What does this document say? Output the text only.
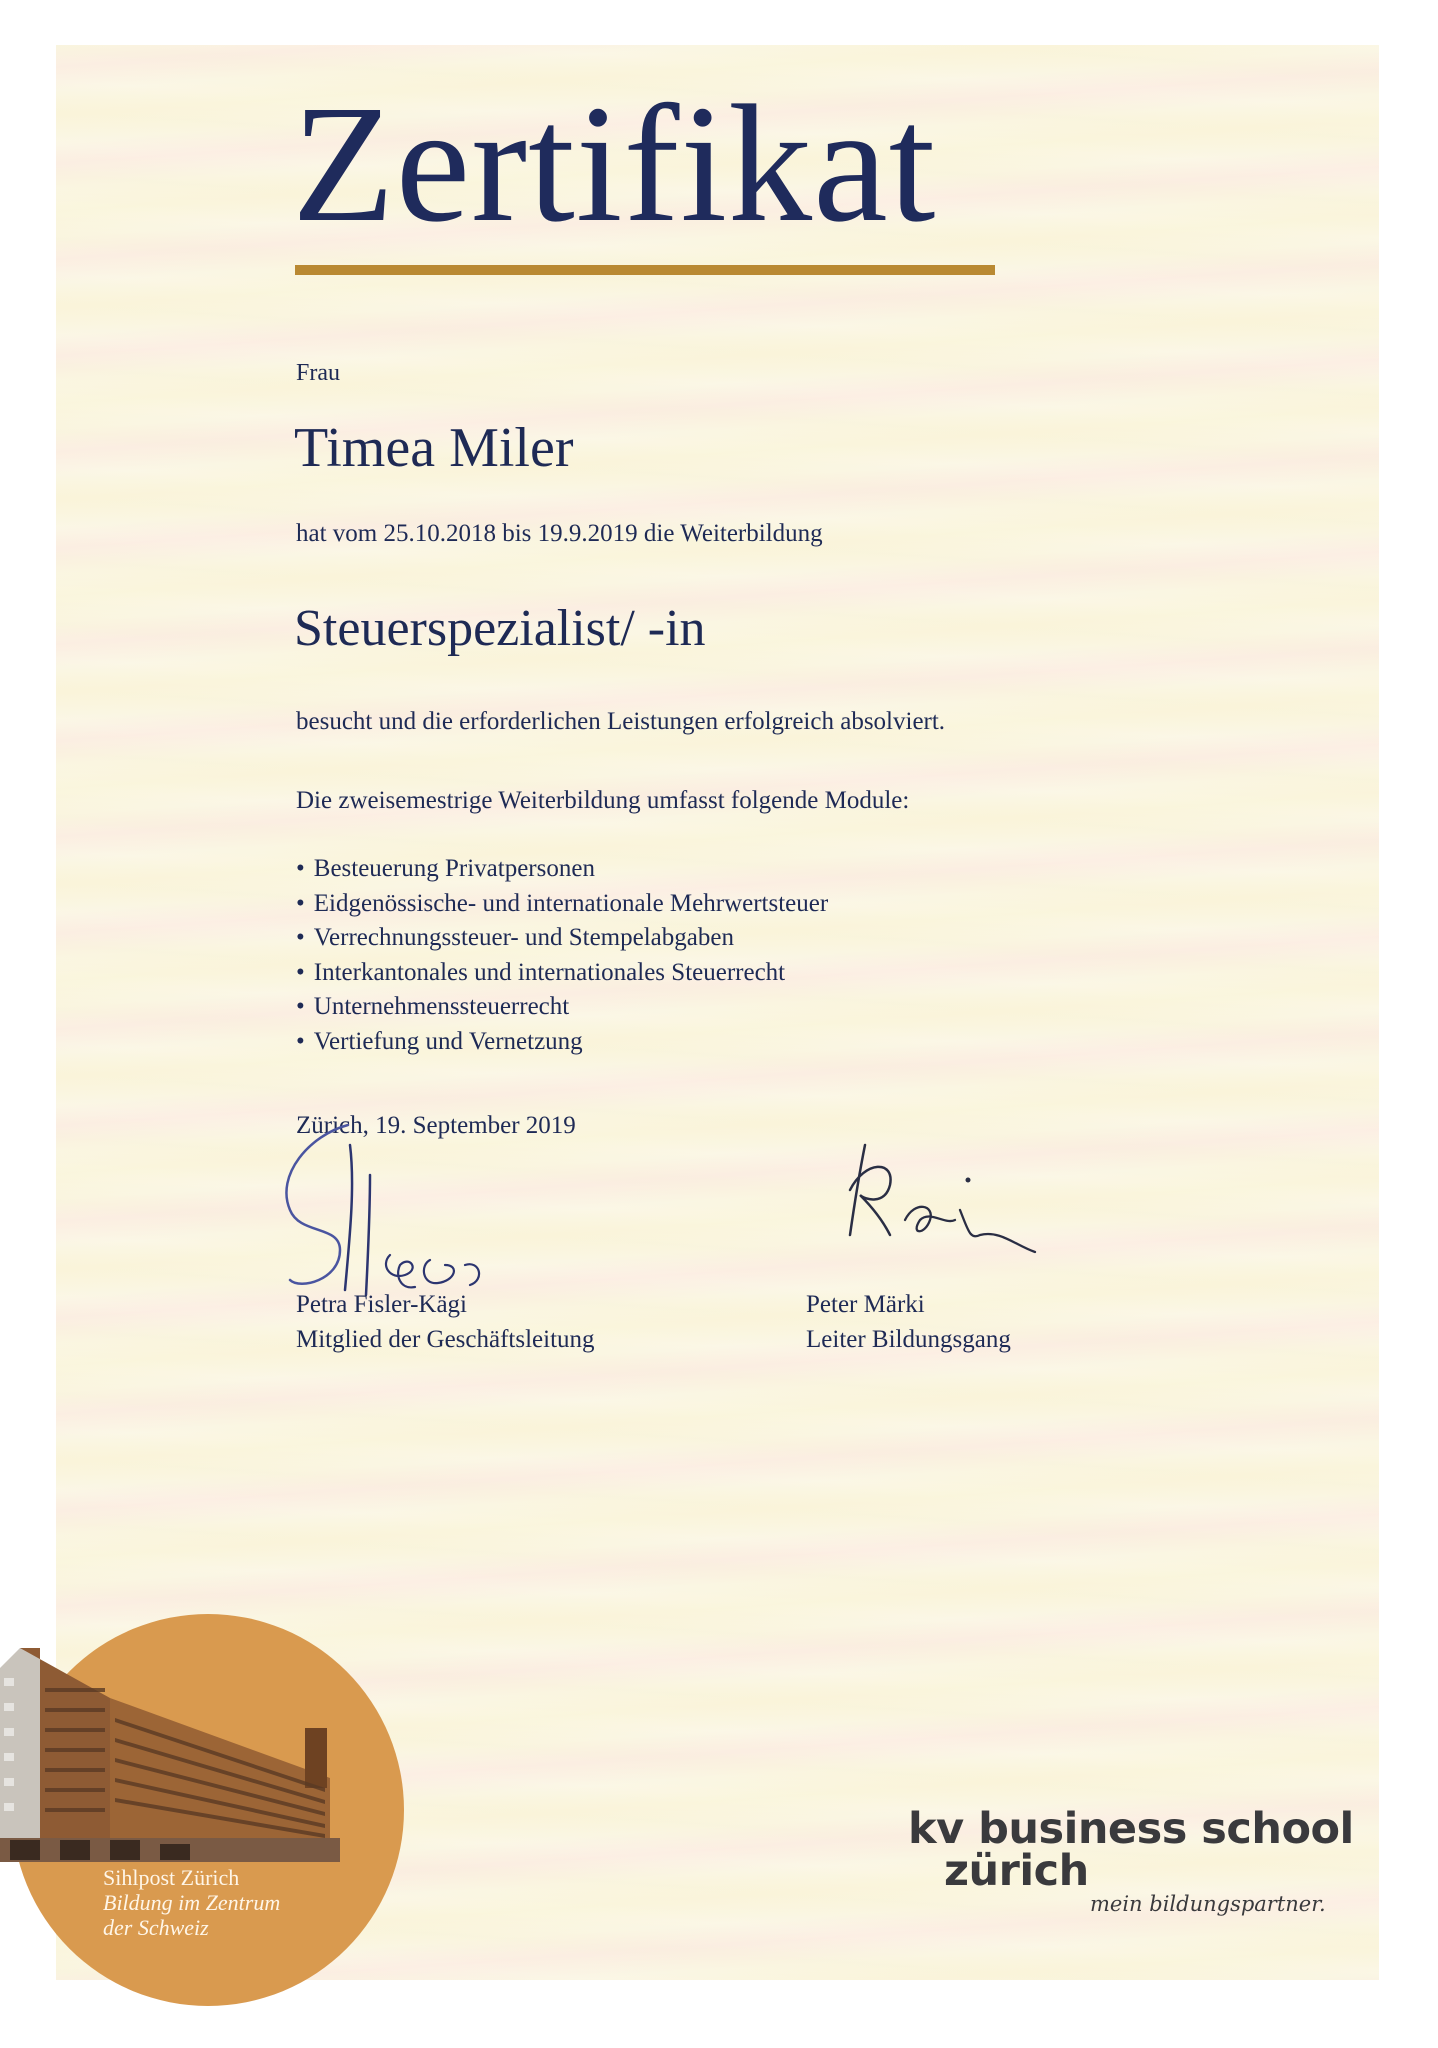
Zertifikat
Frau
Timea Miler
hat vom 25.10.2018 bis 19.9.2019 die Weiterbildung
Steuerspezialist/ -in
besucht und die erforderlichen Leistungen erfolgreich absolviert.
Die zweisemestrige Weiterbildung umfasst folgende Module:
• Besteuerung Privatpersonen
• Eidgenössische- und internationale Mehrwertsteuer
• Verrechnungssteuer- und Stempelabgaben
• Interkantonales und internationales Steuerrecht
• Unternehmenssteuerrecht
• Vertiefung und Vernetzung
Zürich, 19. September 2019
Petra Fisler-Kägi
Mitglied der Geschäftsleitung
Peter Märki
Leiter Bildungsgang
Sihlpost Zürich
Bildung im Zentrum
der Schweiz
kv business school
zürich
mein bildungspartner.
